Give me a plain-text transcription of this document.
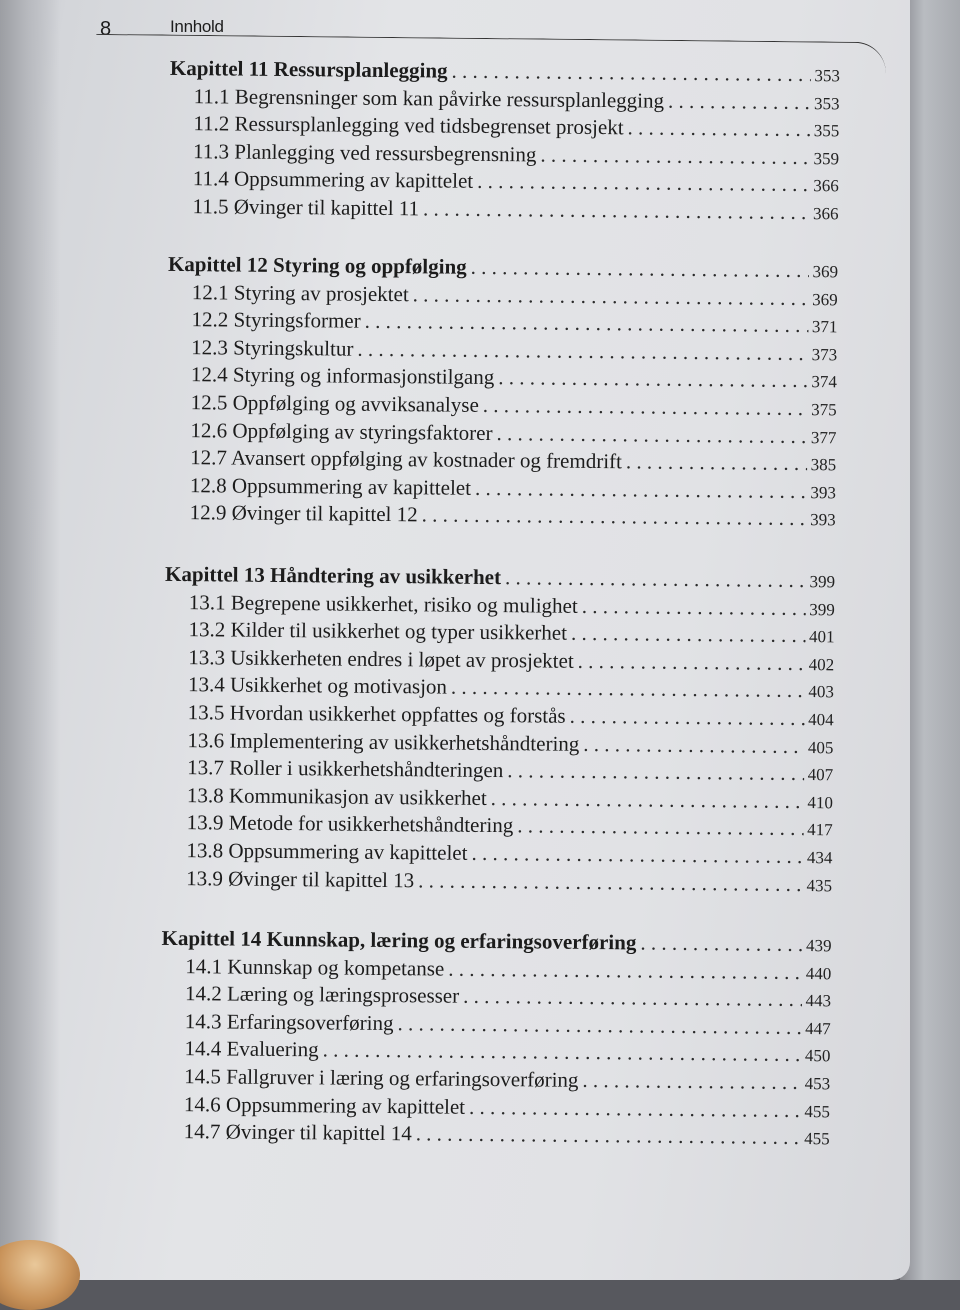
8	Innhold
Kapittel 11 Ressursplanlegging . . .	353
11.1 Begrensninger som kan påvirke ressursplanlegging . . .	353
11.2 Ressursplanlegging ved tidsbegrenset prosjekt . . .	355
11.3 Planlegging ved ressursbegrensning . . .	359
11.4 Oppsummering av kapittelet . . .	366
11.5 Øvinger til kapittel 11 . . .	366
Kapittel 12 Styring og oppfølging . . .	369
12.1 Styring av prosjektet . . .	369
12.2 Styringsformer . . .	371
12.3 Styringskultur . . .	373
12.4 Styring og informasjonstilgang . . .	374
12.5 Oppfølging og avviksanalyse . . .	375
12.6 Oppfølging av styringsfaktorer . . .	377
12.7 Avansert oppfølging av kostnader og fremdrift . . .	385
12.8 Oppsummering av kapittelet . . .	393
12.9 Øvinger til kapittel 12 . . .	393
Kapittel 13 Håndtering av usikkerhet . . .	399
13.1 Begrepene usikkerhet, risiko og mulighet . . .	399
13.2 Kilder til usikkerhet og typer usikkerhet . . .	401
13.3 Usikkerheten endres i løpet av prosjektet . . .	402
13.4 Usikkerhet og motivasjon . . .	403
13.5 Hvordan usikkerhet oppfattes og forstås . . .	404
13.6 Implementering av usikkerhetshåndtering . . .	405
13.7 Roller i usikkerhetshåndteringen . . .	407
13.8 Kommunikasjon av usikkerhet . . .	410
13.9 Metode for usikkerhetshåndtering . . .	417
13.8 Oppsummering av kapittelet . . .	434
13.9 Øvinger til kapittel 13 . . .	435
Kapittel 14 Kunnskap, læring og erfaringsoverføring . . .	439
14.1 Kunnskap og kompetanse . . .	440
14.2 Læring og læringsprosesser . . .	443
14.3 Erfaringsoverføring . . .	447
14.4 Evaluering . . .	450
14.5 Fallgruver i læring og erfaringsoverføring . . .	453
14.6 Oppsummering av kapittelet . . .	455
14.7 Øvinger til kapittel 14 . . .	455
